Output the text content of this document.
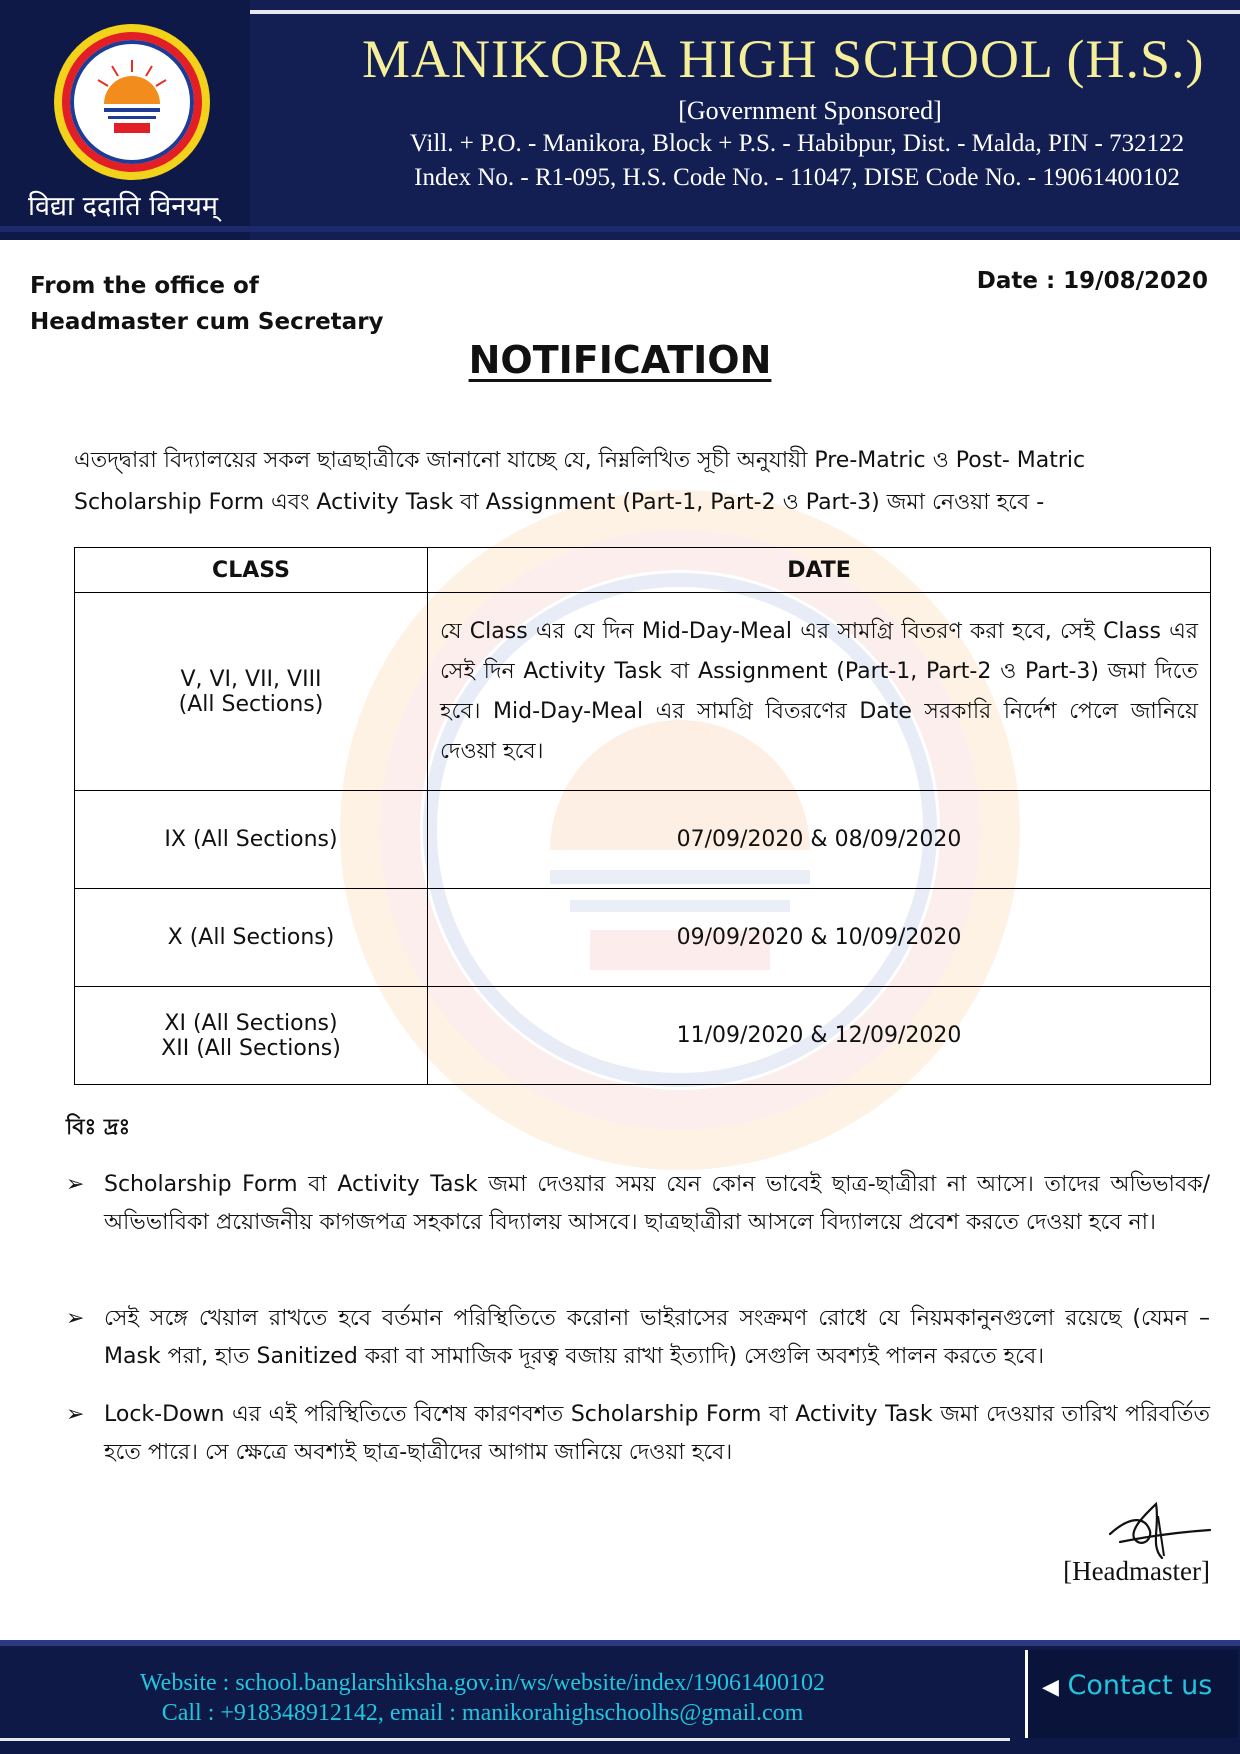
विद्या ददाति विनयम्
MANIKORA HIGH SCHOOL (H.S.)
[Government Sponsored]
Vill. + P.O. - Manikora, Block + P.S. - Habibpur, Dist. - Malda, PIN - 732122
Index No. - R1-095, H.S. Code No. - 11047, DISE Code No. - 19061400102
From the office of
Headmaster cum Secretary
Date : 19/08/2020
NOTIFICATION
এতদ্দ্বারা বিদ্যালয়ের সকল ছাত্রছাত্রীকে জানানো যাচ্ছে যে, নিম্নলিখিত সূচী অনুযায়ী Pre-Matric ও Post- Matric Scholarship Form এবং Activity Task বা Assignment (Part-1, Part-2 ও Part-3) জমা নেওয়া হবে -
CLASS	DATE

V, VI, VII, VIII
(All Sections)	যে Class এর যে দিন Mid-Day-Meal এর সামগ্রি বিতরণ করা হবে, সেই Class এর সেই দিন Activity Task বা Assignment (Part-1, Part-2 ও Part-3) জমা দিতে হবে। Mid-Day-Meal এর সামগ্রি বিতরণের Date সরকারি নির্দেশ পেলে জানিয়ে দেওয়া হবে।
IX (All Sections)	07/09/2020 & 08/09/2020
X (All Sections)	09/09/2020 & 10/09/2020

XI (All Sections)
XII (All Sections)	11/09/2020 & 12/09/2020
বিঃ দ্রঃ
➢ Scholarship Form বা Activity Task জমা দেওয়ার সময় যেন কোন ভাবেই ছাত্র-ছাত্রীরা না আসে। তাদের অভিভাবক/অভিভাবিকা প্রয়োজনীয় কাগজপত্র সহকারে বিদ্যালয় আসবে। ছাত্রছাত্রীরা আসলে বিদ্যালয়ে প্রবেশ করতে দেওয়া হবে না।
➢ সেই সঙ্গে খেয়াল রাখতে হবে বর্তমান পরিস্থিতিতে করোনা ভাইরাসের সংক্রমণ রোধে যে নিয়মকানুনগুলো রয়েছে (যেমন – Mask পরা, হাত Sanitized করা বা সামাজিক দূরত্ব বজায় রাখা ইত্যাদি) সেগুলি অবশ্যই পালন করতে হবে।
➢ Lock-Down এর এই পরিস্থিতিতে বিশেষ কারণবশত Scholarship Form বা Activity Task জমা দেওয়ার তারিখ পরিবর্তিত হতে পারে। সে ক্ষেত্রে অবশ্যই ছাত্র-ছাত্রীদের আগাম জানিয়ে দেওয়া হবে।
[Headmaster]
Website : school.banglarshiksha.gov.in/ws/website/index/19061400102
Call : +918348912142, email : manikorahighschoolhs@gmail.com
◀ Contact us
